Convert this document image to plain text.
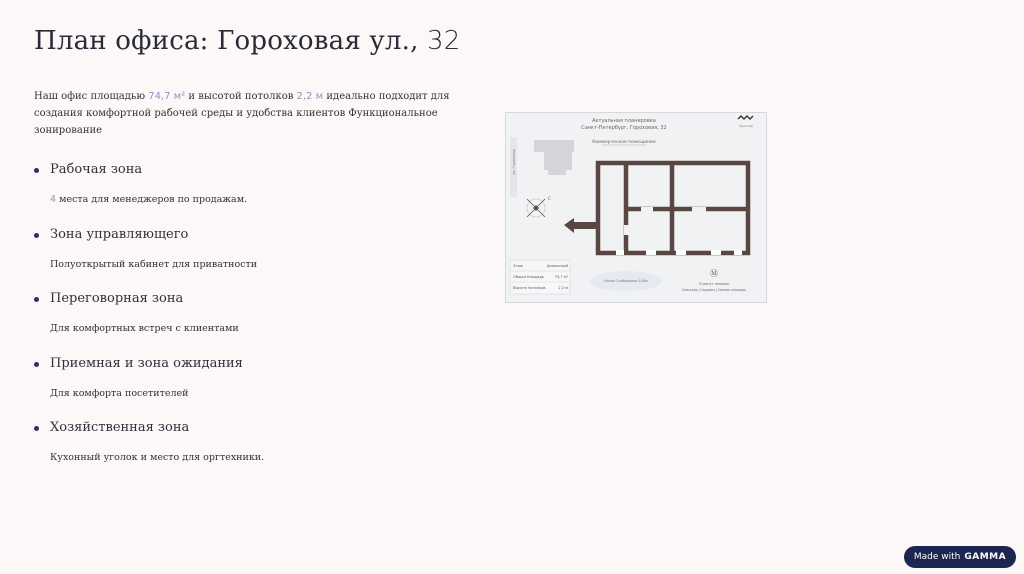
План офиса: Гороховая ул., 32
Наш офис площадью 74,7 м² и высотой потолков 2,2 м идеально подходит для создания комфортной рабочей среды и удобства клиентов Функциональное зонирование
Рабочая зона
4 места для менеджеров по продажам.
Зона управляющего
Полуоткрытый кабинет для приватности
Переговорная зона
Для комфортных встреч с клиентами
Приемная и зона ожидания
Для комфорта посетителей
Хозяйственная зона
Кухонный уголок и место для оргтехники.
Актуальная планировка
Санкт-Петербург, Гороховая, 32
Коммерческое помещение
Краткий
ул. Гороховая
С
Этаж	Цокольный
Общая площадь	74,7 м²
Высота потолков	2,2 м
Канал Грибоедова 100м
Ⓜ
6 минут пешком
Спасская | Садовая | Сенная площадь
Made with GAMMA
